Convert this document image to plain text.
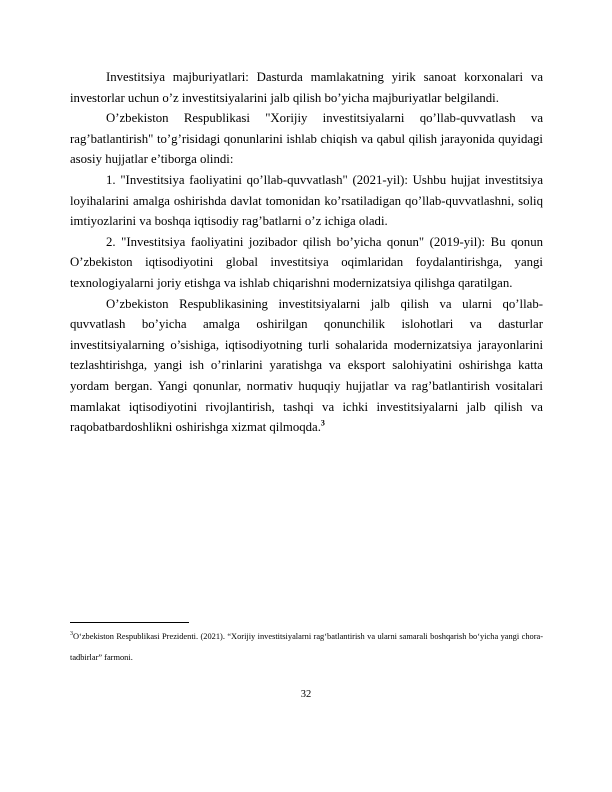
Investitsiya majburiyatlari: Dasturda mamlakatning yirik sanoat korxonalari va investorlar uchun o’z investitsiyalarini jalb qilish bo’yicha majburiyatlar belgilandi.

O’zbekiston Respublikasi "Xorijiy investitsiyalarni qo’llab-quvvatlash va rag’batlantirish" to’g’risidagi qonunlarini ishlab chiqish va qabul qilish jarayonida quyidagi asosiy hujjatlar e’tiborga olindi:

1. "Investitsiya faoliyatini qo’llab-quvvatlash" (2021-yil): Ushbu hujjat investitsiya loyihalarini amalga oshirishda davlat tomonidan ko’rsatiladigan qo’llab-quvvatlashni, soliq imtiyozlarini va boshqa iqtisodiy rag’batlarni o’z ichiga oladi.

2. "Investitsiya faoliyatini jozibador qilish bo’yicha qonun" (2019-yil): Bu qonun O’zbekiston iqtisodiyotini global investitsiya oqimlaridan foydalantirishga, yangi texnologiyalarni joriy etishga va ishlab chiqarishni modernizatsiya qilishga qaratilgan.

O’zbekiston Respublikasining investitsiyalarni jalb qilish va ularni qo’llab-quvvatlash bo’yicha amalga oshirilgan qonunchilik islohotlari va dasturlar investitsiyalarning o’sishiga, iqtisodiyotning turli sohalarida modernizatsiya jarayonlarini tezlashtirishga, yangi ish o’rinlarini yaratishga va eksport salohiyatini oshirishga katta yordam bergan. Yangi qonunlar, normativ huquqiy hujjatlar va rag’batlantirish vositalari mamlakat iqtisodiyotini rivojlantirish, tashqi va ichki investitsiyalarni jalb qilish va raqobatbardoshlikni oshirishga xizmat qilmoqda.$^3$

$^3$O‘zbekiston Respublikasi Prezidenti. (2021). “Xorijiy investitsiyalarni rag‘batlantirish va ularni samarali boshqarish bo‘yicha yangi chora-tadbirlar” farmoni.

32
